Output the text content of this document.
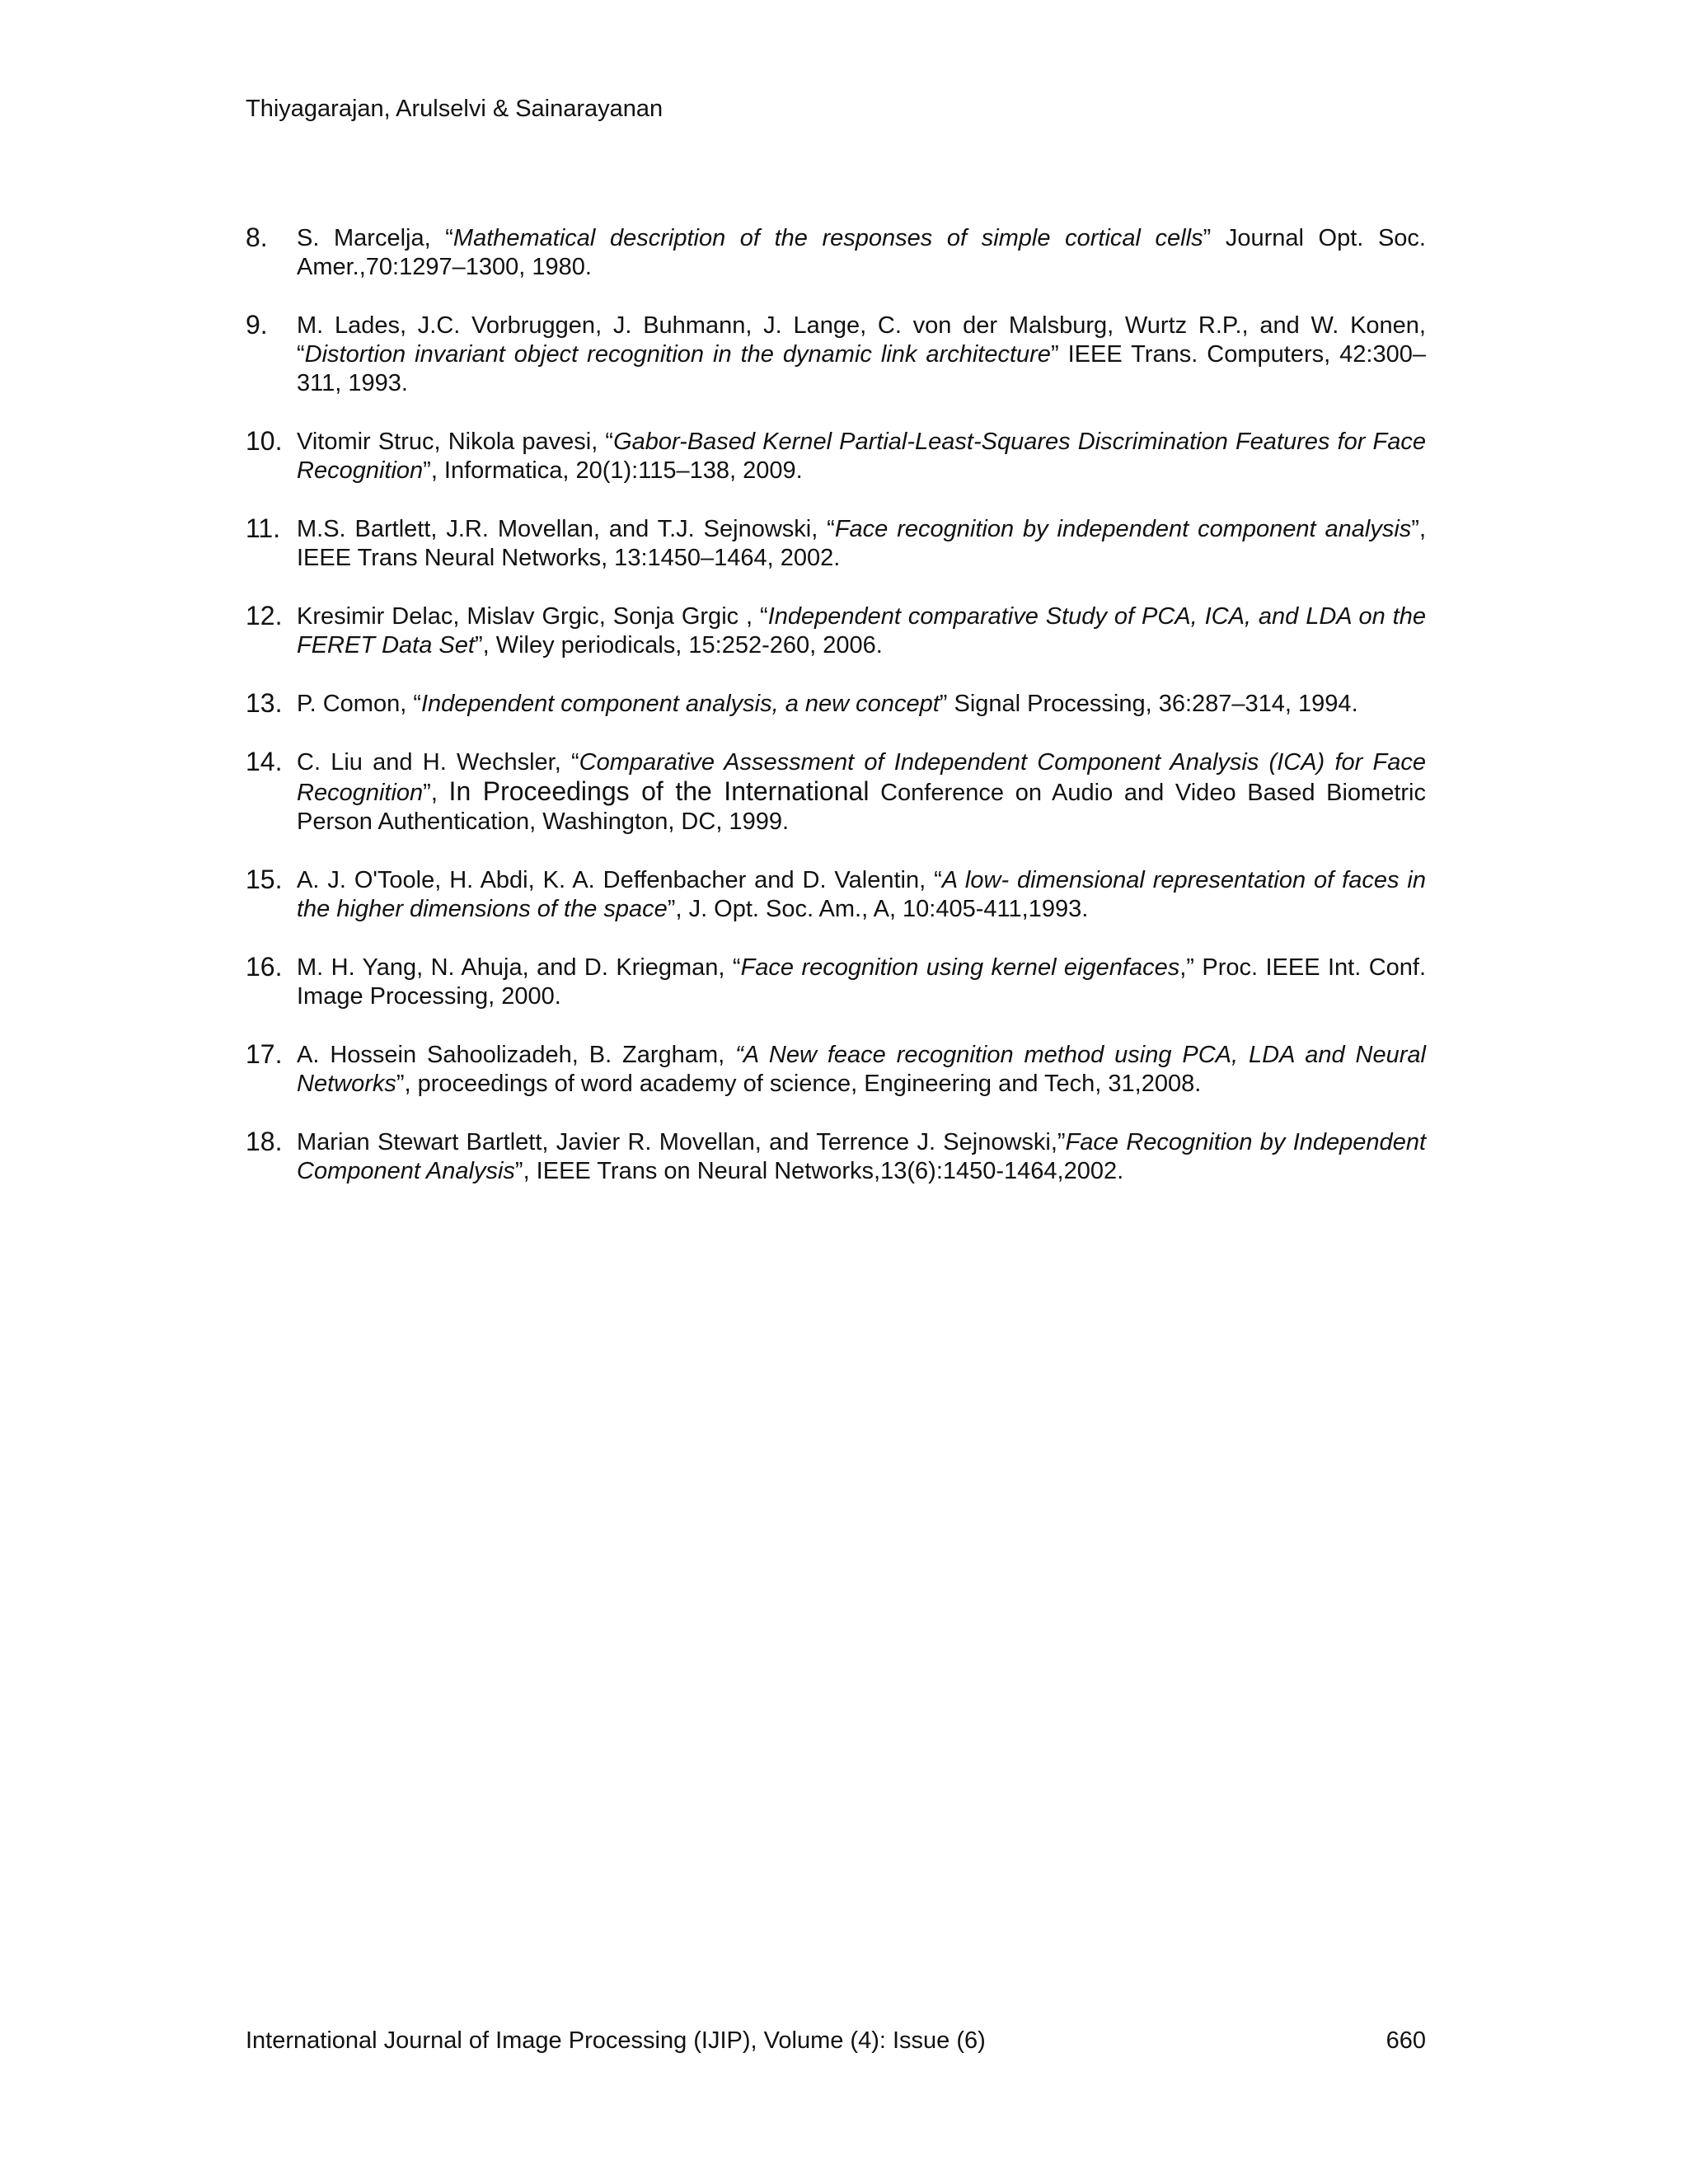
Thiyagarajan, Arulselvi & Sainarayanan
8. S. Marcelja, “Mathematical description of the responses of simple cortical cells” Journal Opt. Soc. Amer.,70:1297–1300, 1980.
9. M. Lades, J.C. Vorbruggen, J. Buhmann, J. Lange, C. von der Malsburg, Wurtz R.P., and W. Konen, “Distortion invariant object recognition in the dynamic link architecture” IEEE Trans. Computers, 42:300–311, 1993.
10. Vitomir Struc, Nikola pavesi, “Gabor-Based Kernel Partial-Least-Squares Discrimination Features for Face Recognition”, Informatica, 20(1):115–138, 2009.
11. M.S. Bartlett, J.R. Movellan, and T.J. Sejnowski, “Face recognition by independent component analysis”, IEEE Trans Neural Networks, 13:1450–1464, 2002.
12. Kresimir Delac, Mislav Grgic, Sonja Grgic , “Independent comparative Study of PCA, ICA, and LDA on the FERET Data Set”, Wiley periodicals, 15:252-260, 2006.
13. P. Comon, “Independent component analysis, a new concept” Signal Processing, 36:287–314, 1994.
14. C. Liu and H. Wechsler, “Comparative Assessment of Independent Component Analysis (ICA) for Face Recognition”, In Proceedings of the International Conference on Audio and Video Based Biometric Person Authentication, Washington, DC, 1999.
15. A. J. O'Toole, H. Abdi, K. A. Deffenbacher and D. Valentin, “A low- dimensional representation of faces in the higher dimensions of the space”, J. Opt. Soc. Am., A, 10:405-411,1993.
16. M. H. Yang, N. Ahuja, and D. Kriegman, “Face recognition using kernel eigenfaces,” Proc. IEEE Int. Conf. Image Processing, 2000.
17. A. Hossein Sahoolizadeh, B. Zargham, “A New feace recognition method using PCA, LDA and Neural Networks”, proceedings of word academy of science, Engineering and Tech, 31,2008.
18. Marian Stewart Bartlett, Javier R. Movellan, and Terrence J. Sejnowski,”Face Recognition by Independent Component Analysis”, IEEE Trans on Neural Networks,13(6):1450-1464,2002.
International Journal of Image Processing (IJIP), Volume (4): Issue (6)	660
